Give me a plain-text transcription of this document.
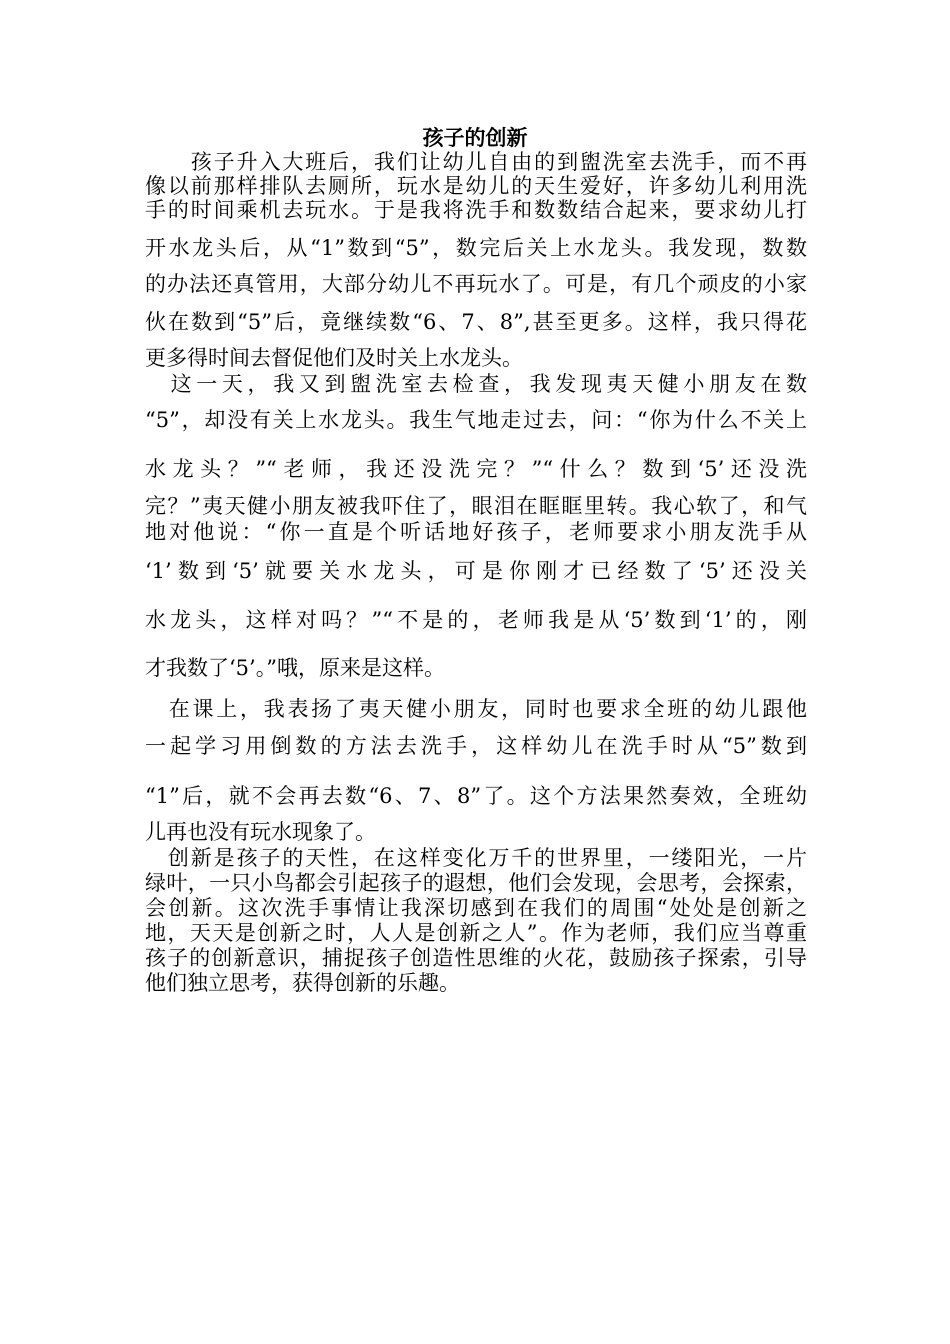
孩子的创新
　　孩子升入大班后，我们让幼儿自由的到盥洗室去洗手，而不再
像以前那样排队去厕所，玩水是幼儿的天生爱好，许多幼儿利用洗
手的时间乘机去玩水。于是我将洗手和数数结合起来，要求幼儿打
开水龙头后，从“1”数到“5”，数完后关上水龙头。我发现，数数
的办法还真管用，大部分幼儿不再玩水了。可是，有几个顽皮的小家
伙在数到“5”后，竟继续数“6、7、8”,甚至更多。这样，我只得花
更多得时间去督促他们及时关上水龙头。
　这一天，我又到盥洗室去检查，我发现夷天健小朋友在数
“5”，却没有关上水龙头。我生气地走过去，问：“你为什么不关上
水龙头？”“老师，我还没洗完？”“什么？数到‘5’还没洗
完？”夷天健小朋友被我吓住了，眼泪在眶眶里转。我心软了，和气
地对他说：“你一直是个听话地好孩子，老师要求小朋友洗手从
‘1’数到‘5’就要关水龙头，可是你刚才已经数了‘5’还没关
水龙头，这样对吗？”“不是的，老师我是从‘5’数到‘1’的，刚
才我数了‘5’。”哦，原来是这样。
　在课上，我表扬了夷天健小朋友，同时也要求全班的幼儿跟他
一起学习用倒数的方法去洗手，这样幼儿在洗手时从“5”数到
“1”后，就不会再去数“6、7、8”了。这个方法果然奏效，全班幼
儿再也没有玩水现象了。
　创新是孩子的天性，在这样变化万千的世界里，一缕阳光，一片
绿叶，一只小鸟都会引起孩子的遐想，他们会发现，会思考，会探索，
会创新。这次洗手事情让我深切感到在我们的周围“处处是创新之
地，天天是创新之时，人人是创新之人”。作为老师，我们应当尊重
孩子的创新意识，捕捉孩子创造性思维的火花，鼓励孩子探索，引导
他们独立思考，获得创新的乐趣。
